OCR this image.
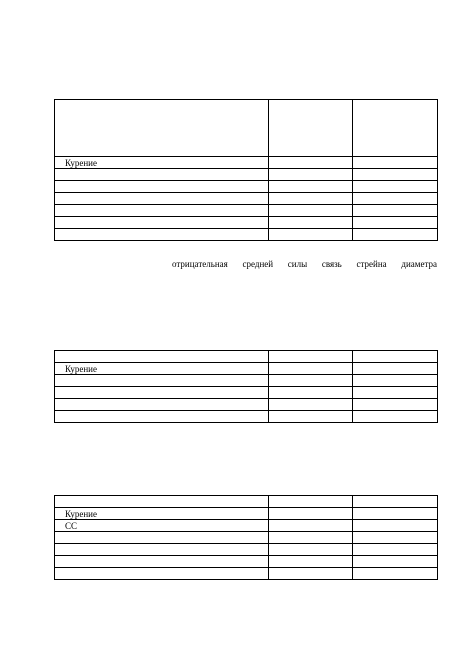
Курение		

отрицательная средней силы связь стрейна диаметра

Курение		

Курение		
СС		
